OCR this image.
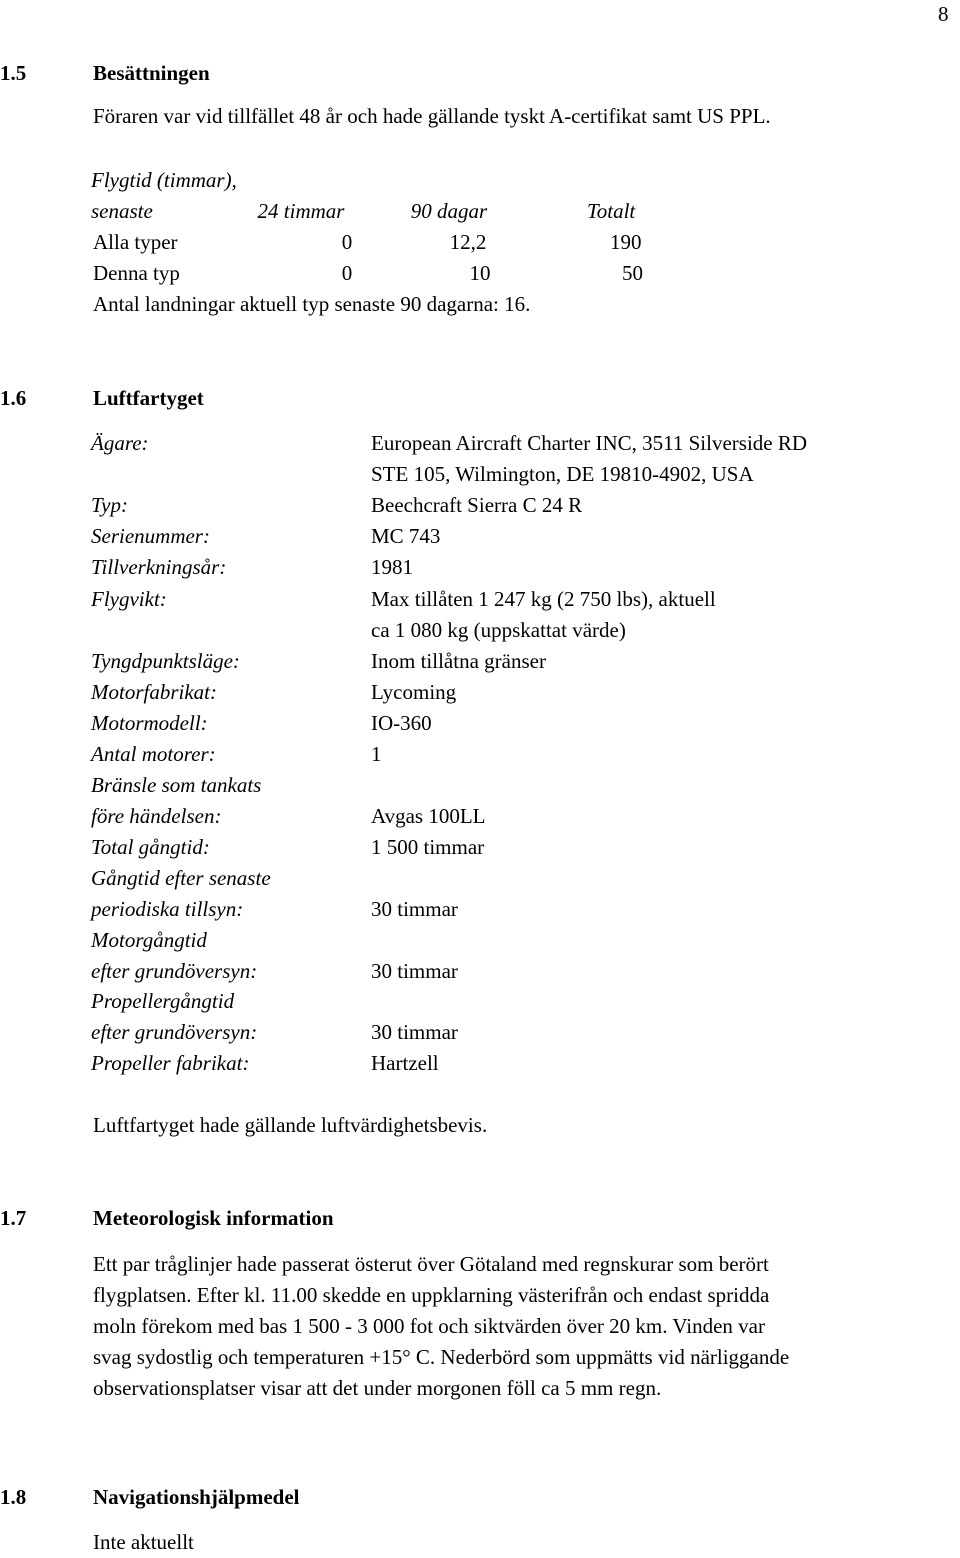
8
1.5	Besättningen
Föraren var vid tillfället 48 år och hade gällande tyskt A-certifikat samt US PPL.
Flygtid (timmar),
senaste	24 timmar	90 dagar	Totalt
Alla typer	0	12,2	190
Denna typ	0	10	50
Antal landningar aktuell typ senaste 90 dagarna: 16.
1.6	Luftfartyget
Ägare:	European Aircraft Charter INC, 3511 Silverside RD
STE 105, Wilmington, DE 19810-4902, USA
Typ:	Beechcraft Sierra C 24 R
Serienummer:	MC 743
Tillverkningsår:	1981
Flygvikt:	Max tillåten 1 247 kg (2 750 lbs), aktuell
ca 1 080 kg (uppskattat värde)
Tyngdpunktsläge:	Inom tillåtna gränser
Motorfabrikat:	Lycoming
Motormodell:	IO-360
Antal motorer:	1
Bränsle som tankats
före händelsen:	Avgas 100LL
Total gångtid:	1 500 timmar
Gångtid efter senaste
periodiska tillsyn:	30 timmar
Motorgångtid
efter grundöversyn:	30 timmar
Propellergångtid
efter grundöversyn:	30 timmar
Propeller fabrikat:	Hartzell
Luftfartyget hade gällande luftvärdighetsbevis.
1.7	Meteorologisk information
Ett par tråglinjer hade passerat österut över Götaland med regnskurar som berört
flygplatsen. Efter kl. 11.00 skedde en uppklarning västerifrån och endast spridda
moln förekom med bas 1 500 - 3 000 fot och siktvärden över 20 km. Vinden var
svag sydostlig och temperaturen +15° C. Nederbörd som uppmätts vid närliggande
observationsplatser visar att det under morgonen föll ca 5 mm regn.
1.8	Navigationshjälpmedel
Inte aktuellt
